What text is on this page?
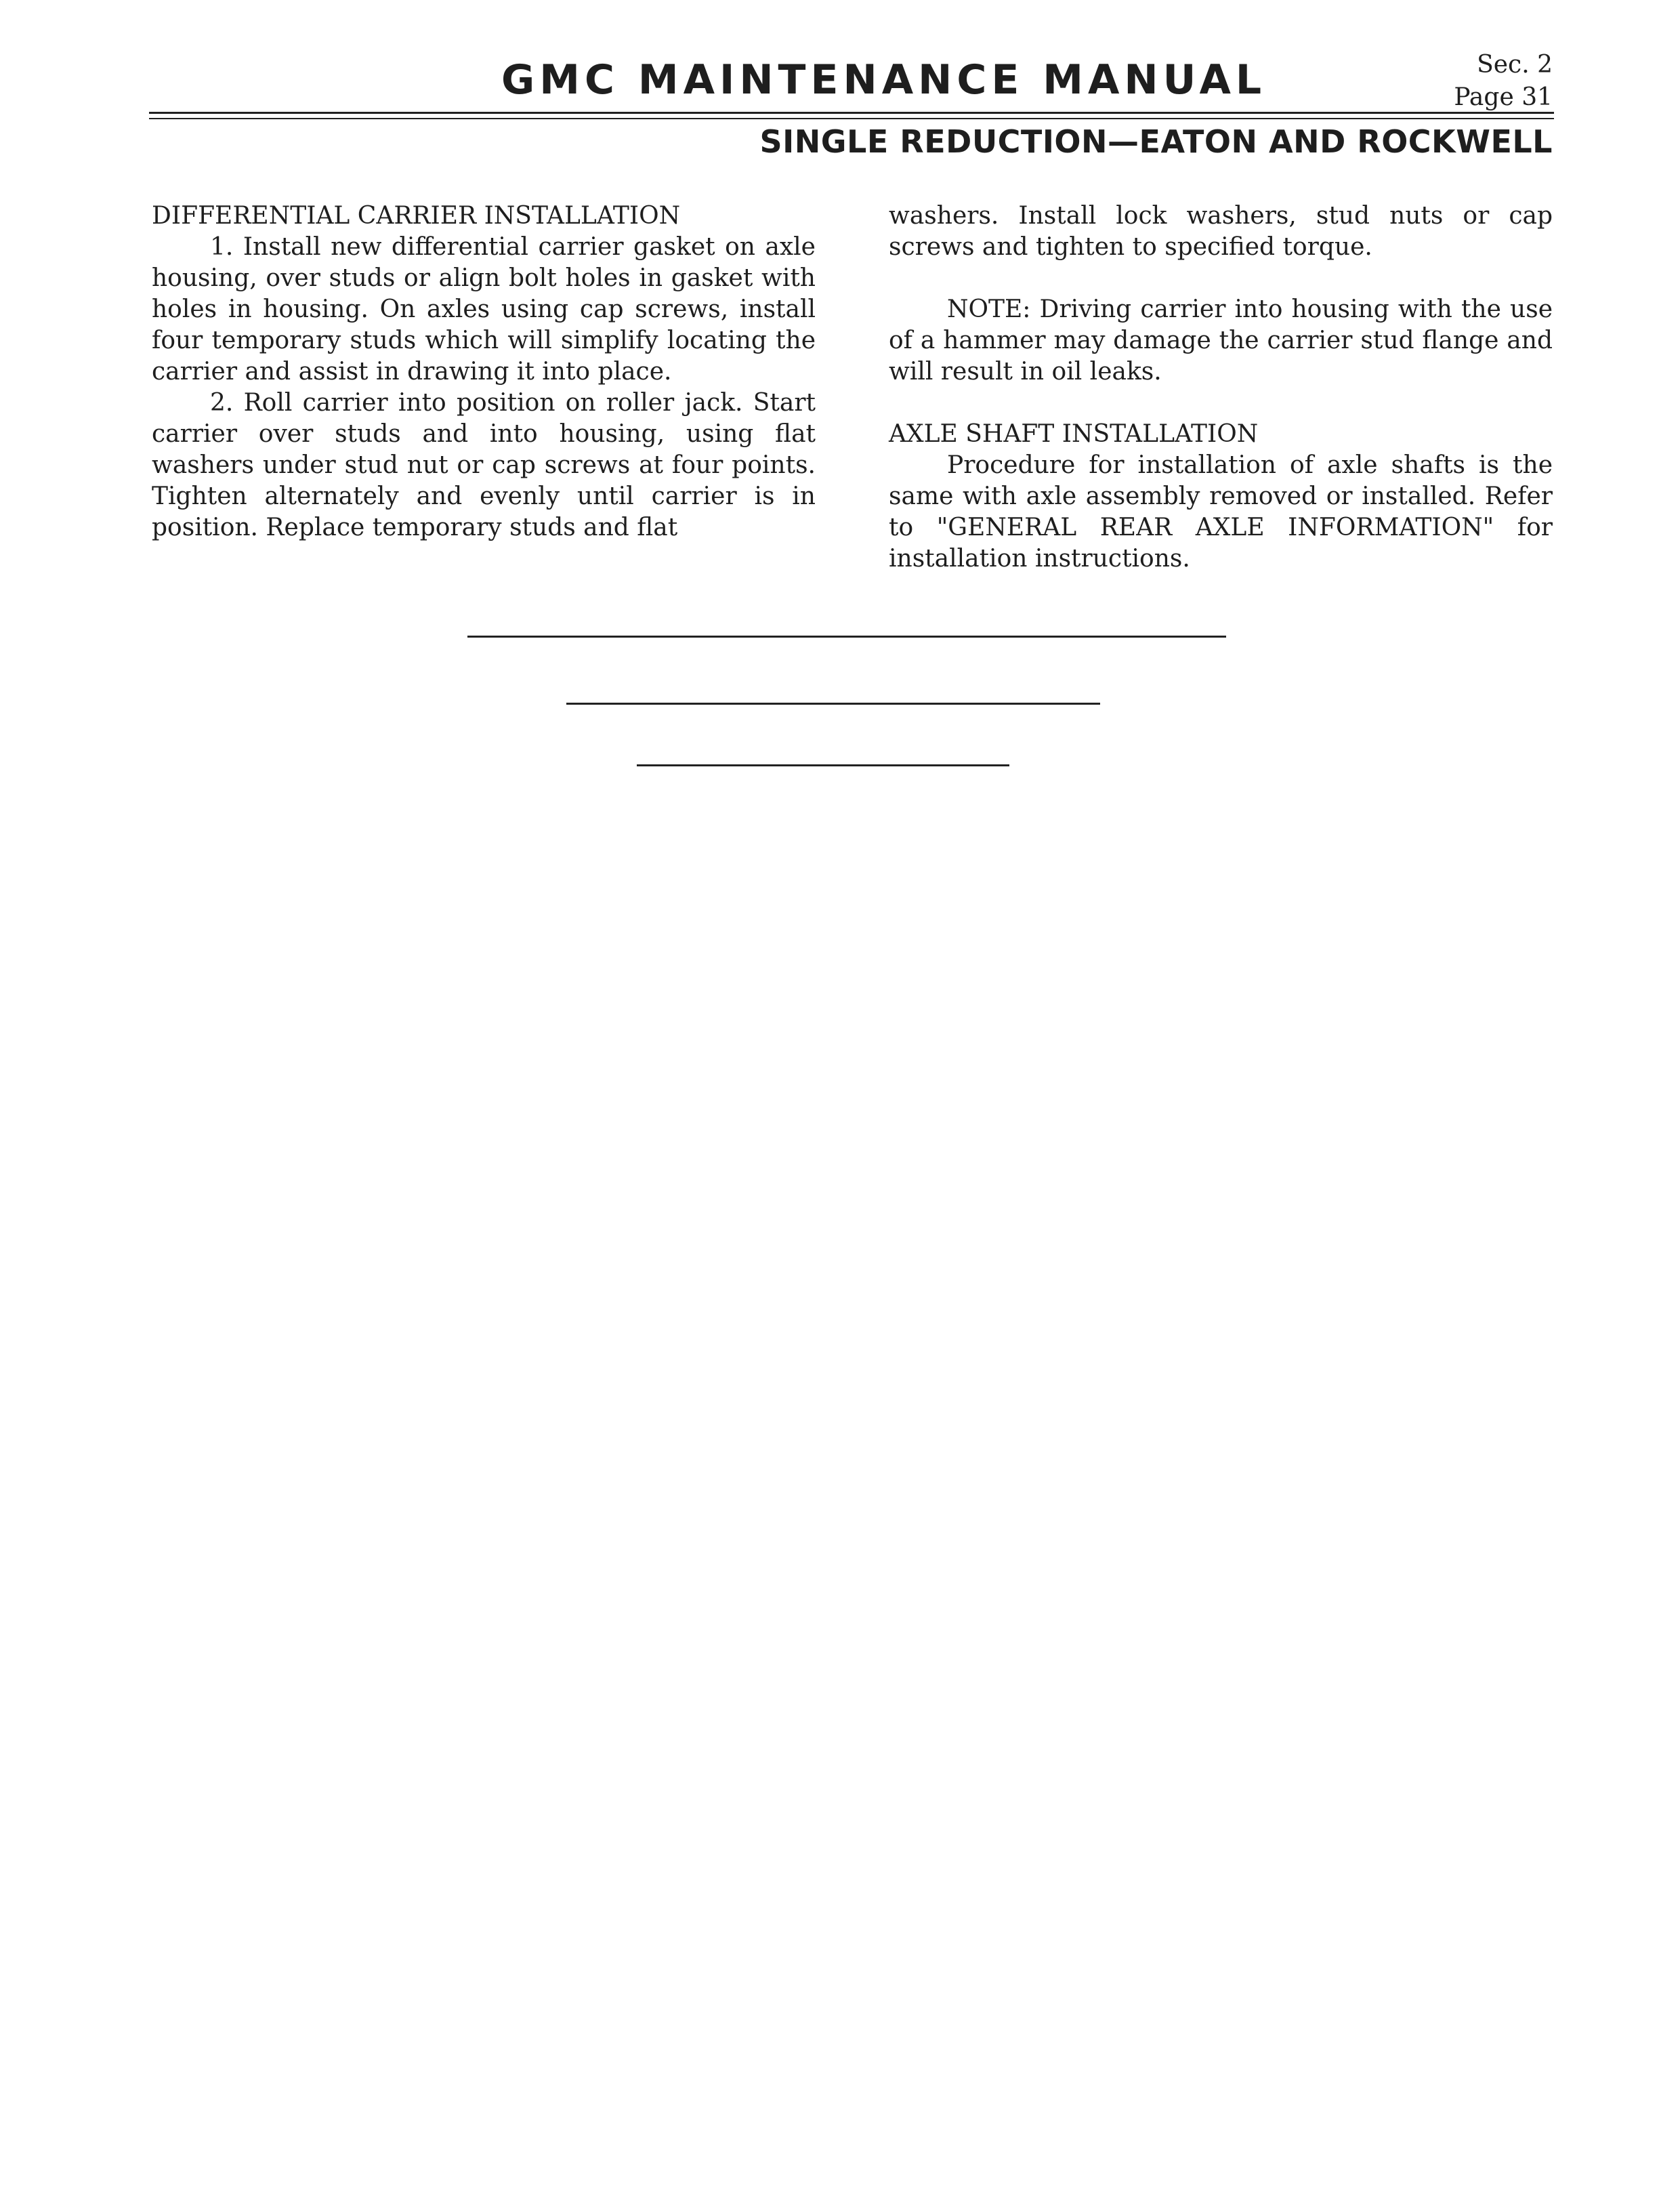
GMC MAINTENANCE MANUAL	Sec. 2
Page 31
SINGLE REDUCTION—EATON AND ROCKWELL
DIFFERENTIAL CARRIER INSTALLATION

1. Install new differential carrier gasket on axle housing, over studs or align bolt holes in gasket with holes in housing. On axles using cap screws, install four temporary studs which will simplify locating the carrier and assist in drawing it into place.

2. Roll carrier into position on roller jack. Start carrier over studs and into housing, using flat washers under stud nut or cap screws at four points. Tighten alternately and evenly until carrier is in position. Replace temporary studs and flat

washers. Install lock washers, stud nuts or cap screws and tighten to specified torque.

NOTE: Driving carrier into housing with the use of a hammer may damage the carrier stud flange and will result in oil leaks.

AXLE SHAFT INSTALLATION

Procedure for installation of axle shafts is the same with axle assembly removed or installed. Refer to "GENERAL REAR AXLE INFORMATION" for installation instructions.
